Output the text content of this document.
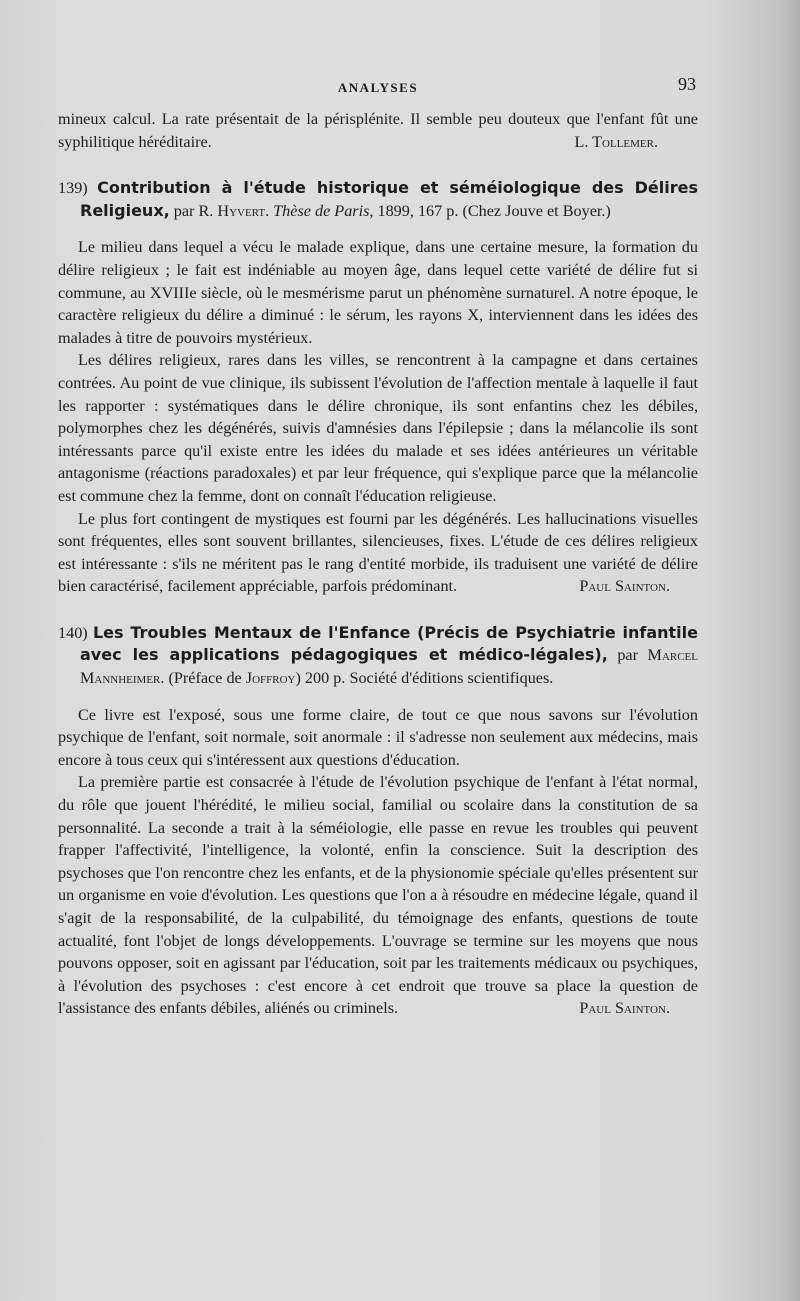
ANALYSES	93

mineux calcul. La rate présentait de la périsplénite. Il semble peu douteux que l'enfant fût une syphilitique héréditaire.	L. Tollemer.

139) Contribution à l'étude historique et séméiologique des Délires Religieux, par R. Hyvert. Thèse de Paris, 1899, 167 p. (Chez Jouve et Boyer.)

Le milieu dans lequel a vécu le malade explique, dans une certaine mesure, la formation du délire religieux ; le fait est indéniable au moyen âge, dans lequel cette variété de délire fut si commune, au XVIIIe siècle, où le mesmérisme parut un phénomène surnaturel. A notre époque, le caractère religieux du délire a diminué : le sérum, les rayons X, interviennent dans les idées des malades à titre de pouvoirs mystérieux.

Les délires religieux, rares dans les villes, se rencontrent à la campagne et dans certaines contrées. Au point de vue clinique, ils subissent l'évolution de l'affection mentale à laquelle il faut les rapporter : systématiques dans le délire chronique, ils sont enfantins chez les débiles, polymorphes chez les dégénérés, suivis d'amnésies dans l'épilepsie ; dans la mélancolie ils sont intéressants parce qu'il existe entre les idées du malade et ses idées antérieures un véritable antagonisme (réactions paradoxales) et par leur fréquence, qui s'explique parce que la mélancolie est commune chez la femme, dont on connaît l'éducation religieuse.

Le plus fort contingent de mystiques est fourni par les dégénérés. Les hallucinations visuelles sont fréquentes, elles sont souvent brillantes, silencieuses, fixes. L'étude de ces délires religieux est intéressante : s'ils ne méritent pas le rang d'entité morbide, ils traduisent une variété de délire bien caractérisé, facilement appréciable, parfois prédominant.	Paul Sainton.

140) Les Troubles Mentaux de l'Enfance (Précis de Psychiatrie infantile avec les applications pédagogiques et médico-légales), par Marcel Mannheimer. (Préface de Joffroy) 200 p. Société d'éditions scientifiques.

Ce livre est l'exposé, sous une forme claire, de tout ce que nous savons sur l'évolution psychique de l'enfant, soit normale, soit anormale : il s'adresse non seulement aux médecins, mais encore à tous ceux qui s'intéressent aux questions d'éducation.

La première partie est consacrée à l'étude de l'évolution psychique de l'enfant à l'état normal, du rôle que jouent l'hérédité, le milieu social, familial ou scolaire dans la constitution de sa personnalité. La seconde a trait à la séméiologie, elle passe en revue les troubles qui peuvent frapper l'affectivité, l'intelligence, la volonté, enfin la conscience. Suit la description des psychoses que l'on rencontre chez les enfants, et de la physionomie spéciale qu'elles présentent sur un organisme en voie d'évolution. Les questions que l'on a à résoudre en médecine légale, quand il s'agit de la responsabilité, de la culpabilité, du témoignage des enfants, questions de toute actualité, font l'objet de longs développements. L'ouvrage se termine sur les moyens que nous pouvons opposer, soit en agissant par l'éducation, soit par les traitements médicaux ou psychiques, à l'évolution des psychoses : c'est encore à cet endroit que trouve sa place la question de l'assistance des enfants débiles, aliénés ou criminels.	Paul Sainton.
